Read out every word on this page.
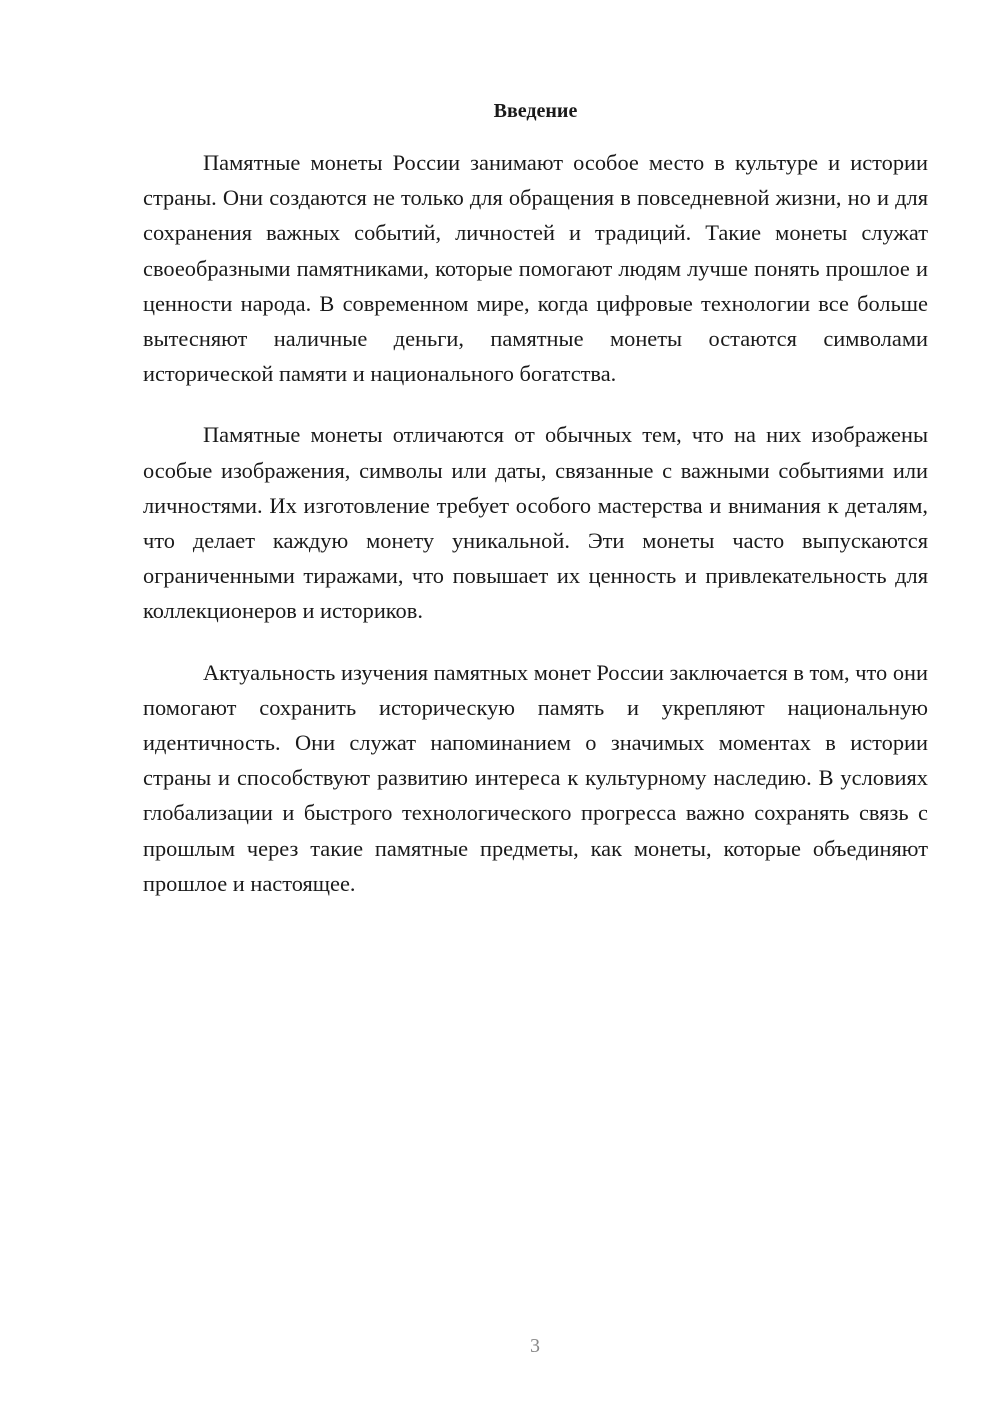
Введение

Памятные монеты России занимают особое место в культуре и истории страны. Они создаются не только для обращения в повседневной жизни, но и для сохранения важных событий, личностей и традиций. Такие монеты служат своеобразными памятниками, которые помогают людям лучше понять прошлое и ценности народа. В современном мире, когда цифровые технологии все больше вытесняют наличные деньги, памятные монеты остаются символами исторической памяти и национального богатства.

Памятные монеты отличаются от обычных тем, что на них изображены особые изображения, символы или даты, связанные с важными событиями или личностями. Их изготовление требует особого мастерства и внимания к деталям, что делает каждую монету уникальной. Эти монеты часто выпускаются ограниченными тиражами, что повышает их ценность и привлекательность для коллекционеров и историков.

Актуальность изучения памятных монет России заключается в том, что они помогают сохранить историческую память и укрепляют национальную идентичность. Они служат напоминанием о значимых моментах в истории страны и способствуют развитию интереса к культурному наследию. В условиях глобализации и быстрого технологического прогресса важно сохранять связь с прошлым через такие памятные предметы, как монеты, которые объединяют прошлое и настоящее.

3
